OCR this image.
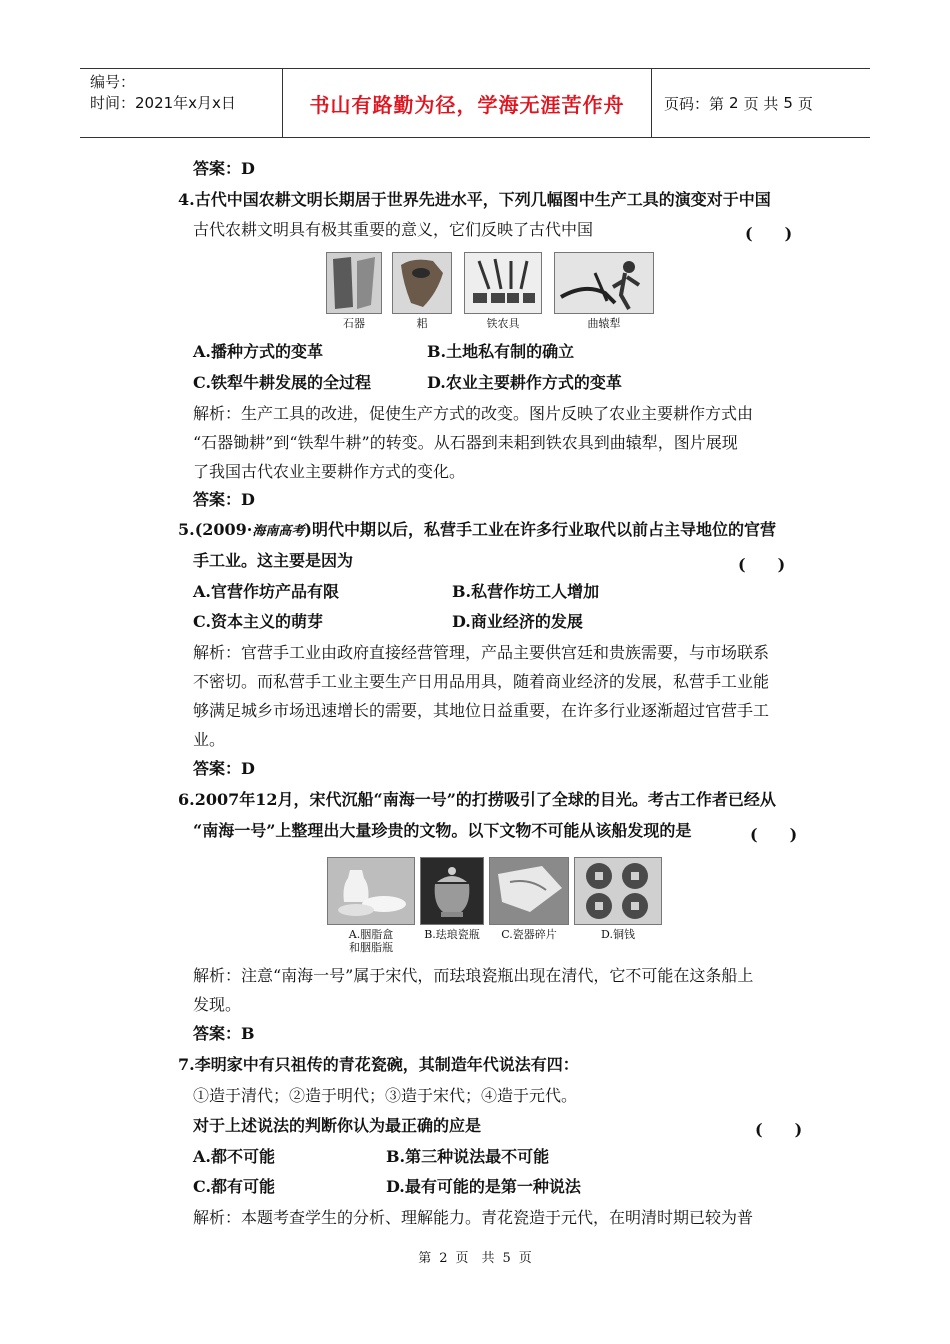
编号：
时间：2021年x月x日	书山有路勤为径，学海无涯苦作舟	页码：第 2 页 共 5 页
答案：D
4.古代中国农耕文明长期居于世界先进水平，下列几幅图中生产工具的演变对于中国
古代农耕文明具有极其重要的意义，它们反映了古代中国	(　　)
石器	耜	铁农具	曲辕犁
A.播种方式的变革	B.土地私有制的确立
C.铁犁牛耕发展的全过程	D.农业主要耕作方式的变革
解析：生产工具的改进，促使生产方式的改变。图片反映了农业主要耕作方式由
“石器锄耕”到“铁犁牛耕”的转变。从石器到耒耜到铁农具到曲辕犁，图片展现
了我国古代农业主要耕作方式的变化。
答案：D
5.(2009·海南高考)明代中期以后，私营手工业在许多行业取代以前占主导地位的官营
手工业。这主要是因为	(　　)
A.官营作坊产品有限	B.私营作坊工人增加
C.资本主义的萌芽	D.商业经济的发展
解析：官营手工业由政府直接经营管理，产品主要供宫廷和贵族需要，与市场联系
不密切。而私营手工业主要生产日用品用具，随着商业经济的发展，私营手工业能
够满足城乡市场迅速增长的需要，其地位日益重要，在许多行业逐渐超过官营手工
业。
答案：D
6.2007年12月，宋代沉船“南海一号”的打捞吸引了全球的目光。考古工作者已经从
“南海一号”上整理出大量珍贵的文物。以下文物不可能从该船发现的是	(　　)
A.胭脂盒
和胭脂瓶
B.珐琅瓷瓶 C.瓷器碎片	D.铜钱
解析：注意“南海一号”属于宋代，而珐琅瓷瓶出现在清代，它不可能在这条船上
发现。
答案：B
7.李明家中有只祖传的青花瓷碗，其制造年代说法有四：
①造于清代；②造于明代；③造于宋代；④造于元代。
对于上述说法的判断你认为最正确的应是	(　　)
A.都不可能	B.第三种说法最不可能
C.都有可能	D.最有可能的是第一种说法
解析：本题考查学生的分析、理解能力。青花瓷造于元代，在明清时期已较为普
第 2 页　共 5 页
